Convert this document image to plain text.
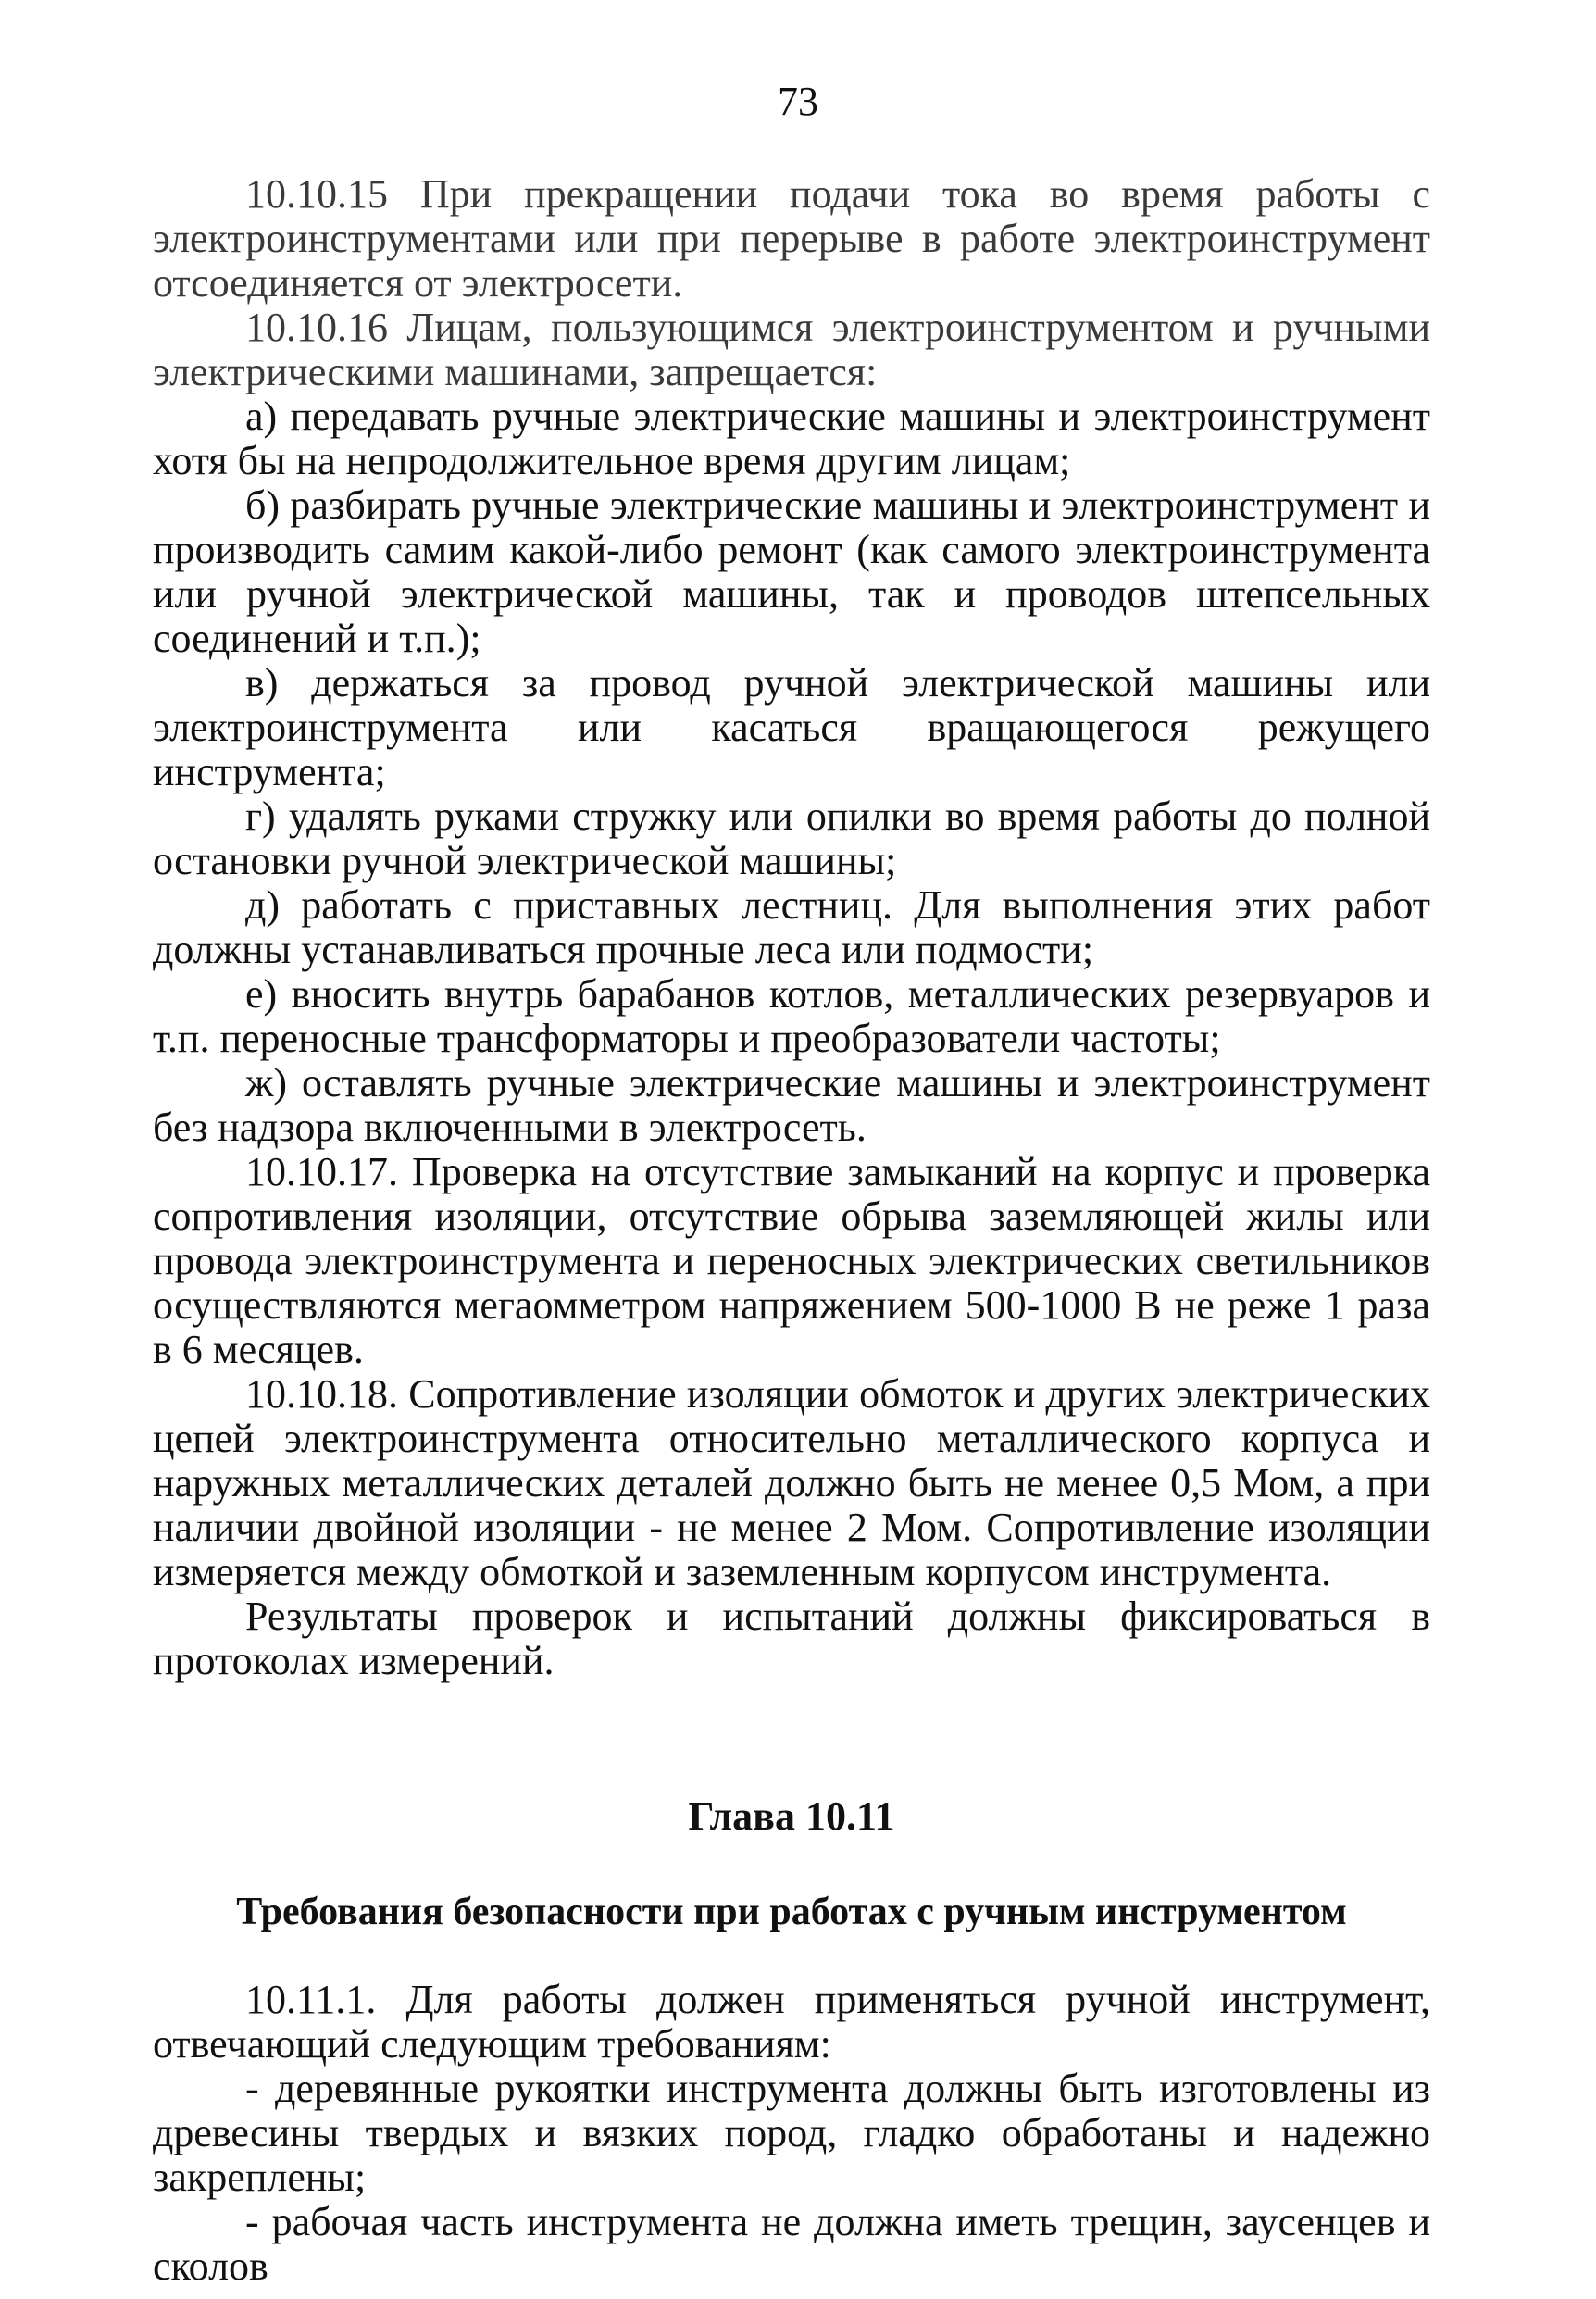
73

10.10.15 При прекращении подачи тока во время работы с электроинструментами или при перерыве в работе электроинструмент отсоединяется от электросети.

10.10.16 Лицам, пользующимся электроинструментом и ручными электрическими машинами, запрещается:

а) передавать ручные электрические машины и электроинструмент хотя бы на непродолжительное время другим лицам;

б) разбирать ручные электрические машины и электроинструмент и производить самим какой-либо ремонт (как самого электроинструмента или ручной электрической машины, так и проводов штепсельных соединений и т.п.);

в) держаться за провод ручной электрической машины или электроинструмента или касаться вращающегося режущего инструмента;

г) удалять руками стружку или опилки во время работы до полной остановки ручной электрической машины;

д) работать с приставных лестниц. Для выполнения этих работ должны устанавливаться прочные леса или подмости;

е) вносить внутрь барабанов котлов, металлических резервуаров и т.п. переносные трансформаторы и преобразователи частоты;

ж) оставлять ручные электрические машины и электроинструмент без надзора включенными в электросеть.

10.10.17. Проверка на отсутствие замыканий на корпус и проверка сопротивления изоляции, отсутствие обрыва заземляющей жилы или провода электроинструмента и переносных электрических светильников осуществляются мегаомметром напряжением 500-1000 В не реже 1 раза в 6 месяцев.

10.10.18. Сопротивление изоляции обмоток и других электрических цепей электроинструмента относительно металлического корпуса и наружных металлических деталей должно быть не менее 0,5 Мом, а при наличии двойной изоляции - не менее 2 Мом. Сопротивление изоляции измеряется между обмоткой и заземленным корпусом инструмента.

Результаты проверок и испытаний должны фиксироваться в протоколах измерений.

Глава 10.11
Требования безопасности при работах с ручным инструментом

10.11.1. Для работы должен применяться ручной инструмент, отвечающий следующим требованиям:

- деревянные рукоятки инструмента должны быть изготовлены из древесины твердых и вязких пород, гладко обработаны и надежно закреплены;

- рабочая часть инструмента не должна иметь трещин, заусенцев и сколов
